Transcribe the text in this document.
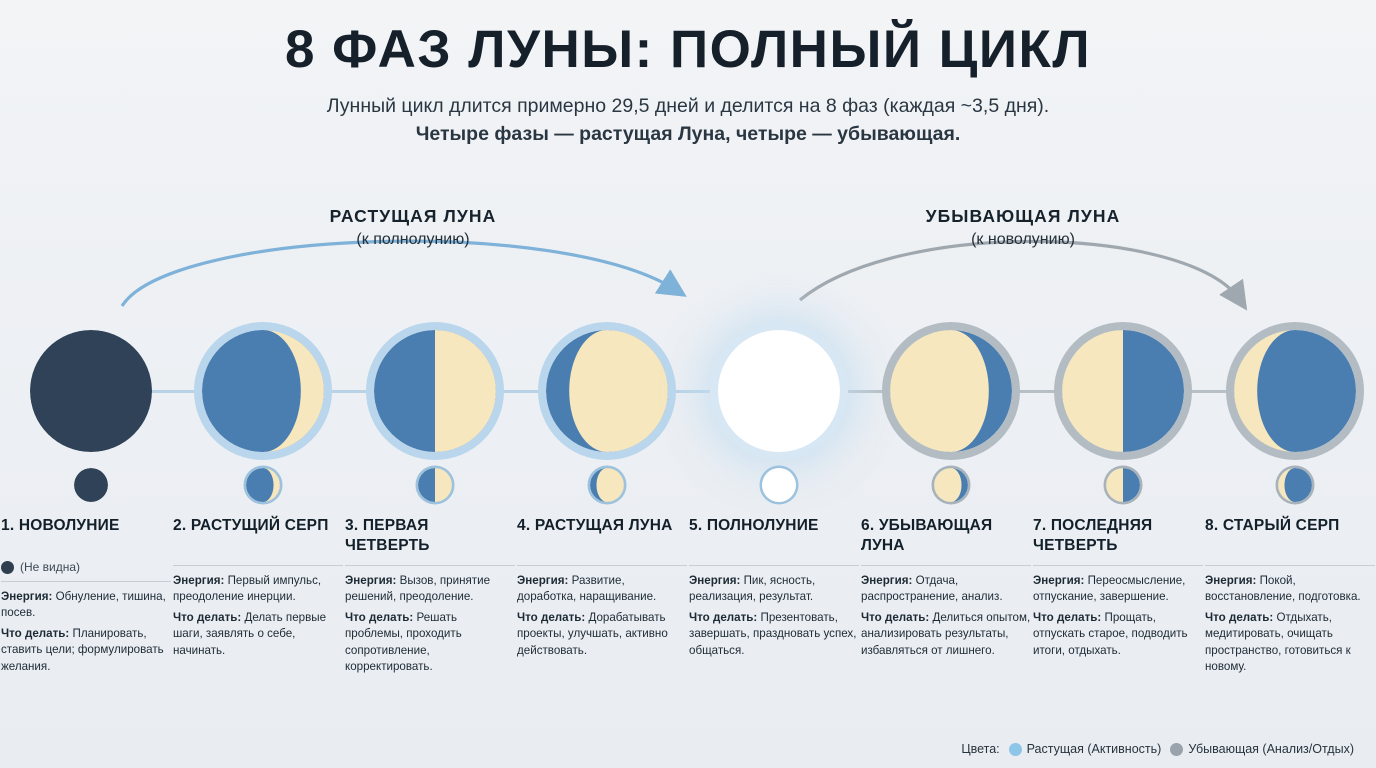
8 ФАЗ ЛУНЫ: ПОЛНЫЙ ЦИКЛ
Лунный цикл длится примерно 29,5 дней и делится на 8 фаз (каждая ~3,5 дня).
Четыре фазы — растущая Луна, четыре — убывающая.
РАСТУЩАЯ ЛУНА
(к полнолунию)
УБЫВАЮЩАЯ ЛУНА
(к новолунию)
1. НОВОЛУНИЕ
(Не видна)

Энергия: Обнуление, тишина, посев.

Что делать: Планировать, ставить цели; формулировать желания.

2. РАСТУЩИЙ СЕРП

Энергия: Первый импульс, преодоление инерции.

Что делать: Делать первые шаги, заявлять о себе, начинать.

3. ПЕРВАЯ ЧЕТВЕРТЬ

Энергия: Вызов, принятие решений, преодоление.

Что делать: Решать проблемы, проходить сопротивление, корректировать.

4. РАСТУЩАЯ ЛУНА

Энергия: Развитие, доработка, наращивание.

Что делать: Дорабатывать проекты, улучшать, активно действовать.

5. ПОЛНОЛУНИЕ

Энергия: Пик, ясность, реализация, результат.

Что делать: Презентовать, завершать, праздновать успех, общаться.

6. УБЫВАЮЩАЯ ЛУНА

Энергия: Отдача, распространение, анализ.

Что делать: Делиться опытом, анализировать результаты, избавляться от лишнего.

7. ПОСЛЕДНЯЯ ЧЕТВЕРТЬ

Энергия: Переосмысление, отпускание, завершение.

Что делать: Прощать, отпускать старое, подводить итоги, отдыхать.

8. СТАРЫЙ СЕРП

Энергия: Покой, восстановление, подготовка.

Что делать: Отдыхать, медитировать, очищать пространство, готовиться к новому.

Цвета: Растущая (Активность) Убывающая (Анализ/Отдых)
